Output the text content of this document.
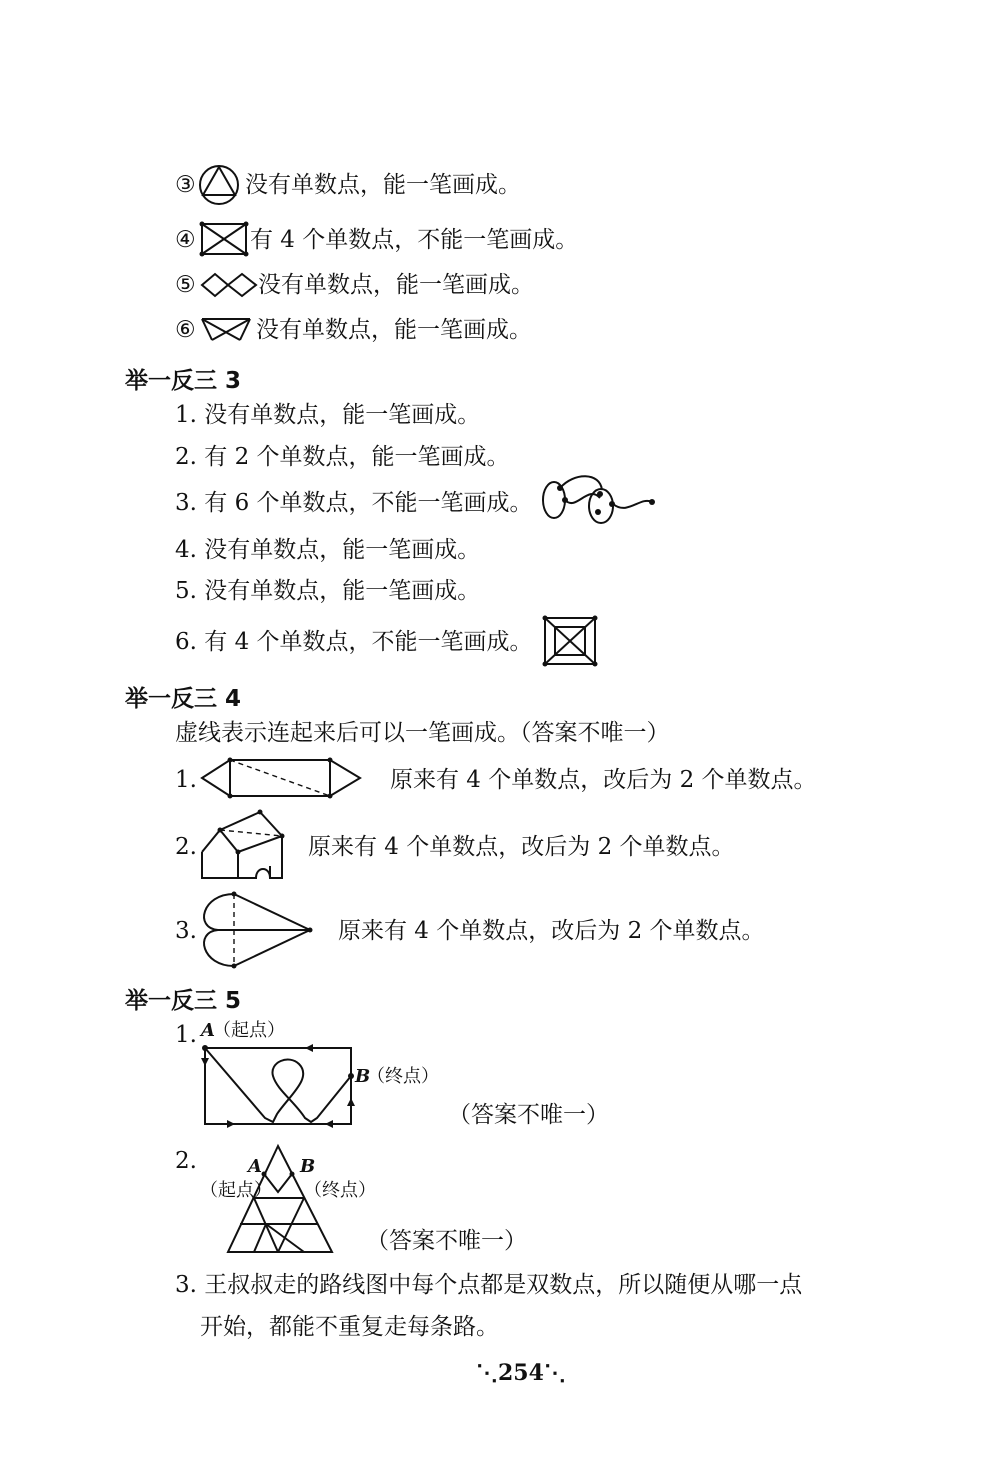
③ 没有单数点，能一笔画成。
④ 有 4 个单数点，不能一笔画成。
⑤	没有单数点，能一笔画成。
⑥	没有单数点，能一笔画成。
举一反三 3
1. 没有单数点，能一笔画成。
2. 有 2 个单数点，能一笔画成。
3. 有 6 个单数点，不能一笔画成。
4. 没有单数点，能一笔画成。
5. 没有单数点，能一笔画成。
6. 有 4 个单数点，不能一笔画成。
举一反三 4
虚线表示连起来后可以一笔画成。（答案不唯一）
1.	原来有 4 个单数点，改后为 2 个单数点。
2.	原来有 4 个单数点，改后为 2 个单数点。
3.	原来有 4 个单数点，改后为 2 个单数点。
举一反三 5
1. A
（起点）
B
（终点）
（答案不唯一）
2.	A
（起点）
B
（终点）
（答案不唯一）
3. 王叔叔走的路线图中每个点都是双数点，所以随便从哪一点
开始，都能不重复走每条路。
⋱254⋱
